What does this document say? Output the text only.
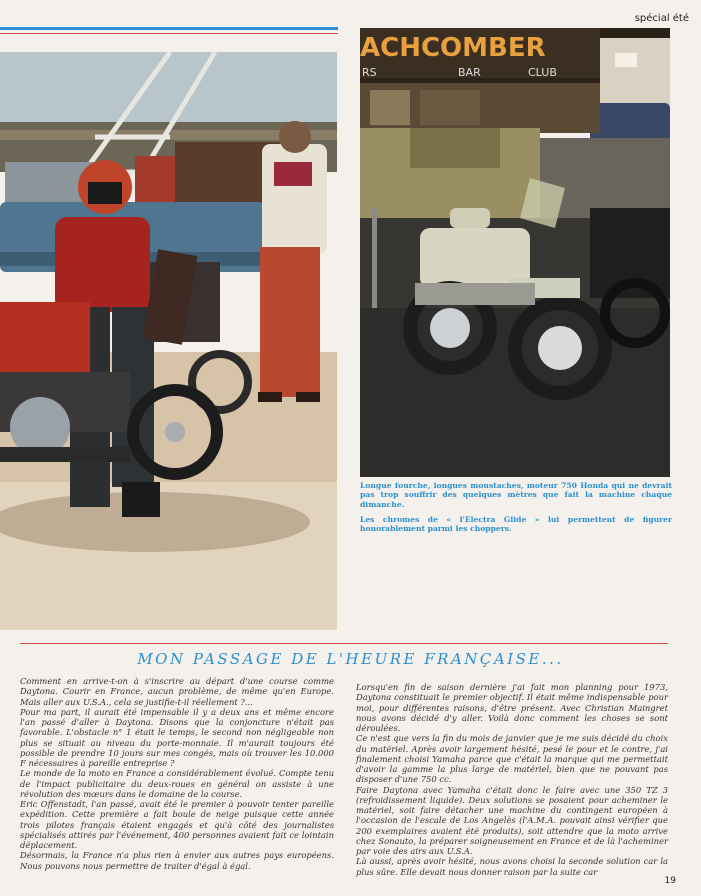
spécial été
ACHCOMBER
RS	BAR	CLUB
Longue fourche, longues moustaches, moteur 750 Honda qui ne devrait pas trop souffrir des quelques mètres que fait la machine chaque dimanche.
Les chromes de « l'Electra Glide » lui permettent de figurer honorablement parmi les choppers.
MON PASSAGE DE L'HEURE FRANÇAISE...

Comment en arrive-t-on à s'inscrire au départ d'une course comme Daytona. Courir en France, aucun problème, de même qu'en Europe. Mais aller aux U.S.A., cela se justifie-t-il réellement ?...

Pour ma part, il aurait été impensable il y a deux ans et même encore l'an passé d'aller à Daytona. Disons que la conjoncture n'était pas favorable. L'obstacle n° 1 était le temps, le second non négligeable non plus se situait au niveau du porte-monnaie. Il m'aurait toujours été possible de prendre 10 jours sur mes congés, mais où trouver les 10.000 F nécessaires à pareille entreprise ?

Le monde de la moto en France a considérablement évolué. Compte tenu de l'impact publicitaire du deux-roues en général on assiste à une révolution des mœurs dans le domaine de la course.

Eric Offenstadt, l'an passé, avait été le premier à pouvoir tenter pareille expédition. Cette première a fait boule de neige puisque cette année trois pilotes français étaient engagés et qu'à côté des journalistes spécialisés attirés par l'événement, 400 personnes avaient fait ce lointain déplacement.

Désormais, la France n'a plus rien à envier aux autres pays européens. Nous pouvons nous permettre de traiter d'égal à égal.

Lorsqu'en fin de saison dernière j'ai fait mon planning pour 1973, Daytona constituait le premier objectif. Il était même indispensable pour moi, pour différentes raisons, d'être présent. Avec Christian Maingret nous avons décidé d'y aller. Voilà donc comment les choses se sont déroulées.

Ce n'est que vers la fin du mois de janvier que je me suis décidé du choix du matériel. Après avoir largement hésité, pesé le pour et le contre, j'ai finalement choisi Yamaha parce que c'était la marque qui me permettait d'avoir la gamme la plus large de matériel, bien que ne pouvant pas disposer d'une 750 cc.

Faire Daytona avec Yamaha c'était donc le faire avec une 350 TZ 3 (refroidissement liquide). Deux solutions se posaient pour acheminer le matériel, soit faire détacher une machine du contingent européen à l'occasion de l'escale de Los Angelès (l'A.M.A. pouvait ainsi vérifier que 200 exemplaires avaient été produits), soit attendre que la moto arrive chez Sonauto, la préparer soigneusement en France et de là l'acheminer par voie des airs aux U.S.A.

Là aussi, après avoir hésité, nous avons choisi la seconde solution car la plus sûre. Elle devait nous donner raison par la suite car

19
